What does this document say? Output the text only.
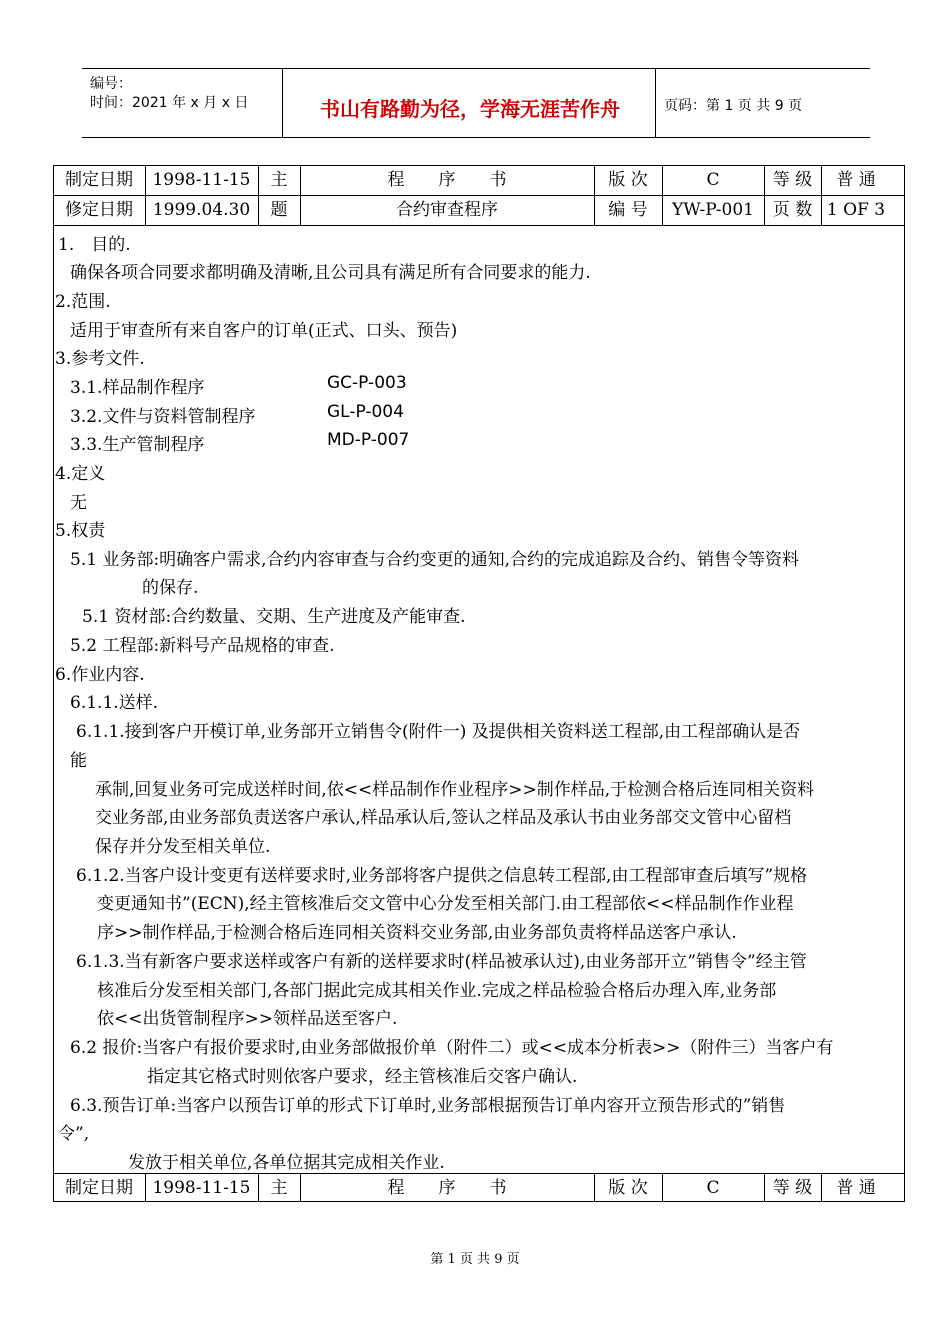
编号：
时间：2021 年 x 月 x 日	书山有路勤为径，学海无涯苦作舟	页码：第 1 页 共 9 页
制定日期	1998-11-15	主	程　　序　　书	版 次	C	等 级	普 通
修定日期	1999.04.30	题	合约审查程序	编 号	YW-P-001	页 数 1 OF 3
1.　目的.
确保各项合同要求都明确及清晰,且公司具有满足所有合同要求的能力.
2.范围.
适用于审查所有来自客户的订单(正式、口头、预告)
3.参考文件.
3.1.样品制作程序	GC-P-003
3.2.文件与资料管制程序	GL-P-004
3.3.生产管制程序	MD-P-007
4.定义
无
5.权责
5.1 业务部:明确客户需求,合约内容审查与合约变更的通知,合约的完成追踪及合约、销售令等资料
的保存.
5.1 资材部:合约数量、交期、生产进度及产能审查.
5.2 工程部:新料号产品规格的审查.
6.作业内容.
6.1.1.送样.
6.1.1.接到客户开模订单,业务部开立销售令(附件一) 及提供相关资料送工程部,由工程部确认是否
能
承制,回复业务可完成送样时间,依<<样品制作作业程序>>制作样品,于检测合格后连同相关资料
交业务部,由业务部负责送客户承认,样品承认后,签认之样品及承认书由业务部交文管中心留档
保存并分发至相关单位.
6.1.2.当客户设计变更有送样要求时,业务部将客户提供之信息转工程部,由工程部审查后填写”规格
变更通知书”(ECN),经主管核准后交文管中心分发至相关部门.由工程部依<<样品制作作业程
序>>制作样品,于检测合格后连同相关资料交业务部,由业务部负责将样品送客户承认.
6.1.3.当有新客户要求送样或客户有新的送样要求时(样品被承认过),由业务部开立”销售令”经主管
核准后分发至相关部门,各部门据此完成其相关作业.完成之样品检验合格后办理入库,业务部
依<<出货管制程序>>领样品送至客户.
6.2 报价:当客户有报价要求时,由业务部做报价单（附件二）或<<成本分析表>>（附件三）当客户有
指定其它格式时则依客户要求，经主管核准后交客户确认.
6.3.预告订单:当客户以预告订单的形式下订单时,业务部根据预告订单内容开立预告形式的”销售
令”,
发放于相关单位,各单位据其完成相关作业.
制定日期	1998-11-15	主	程　　序　　书	版 次	C	等 级	普 通
第 1 页 共 9 页
